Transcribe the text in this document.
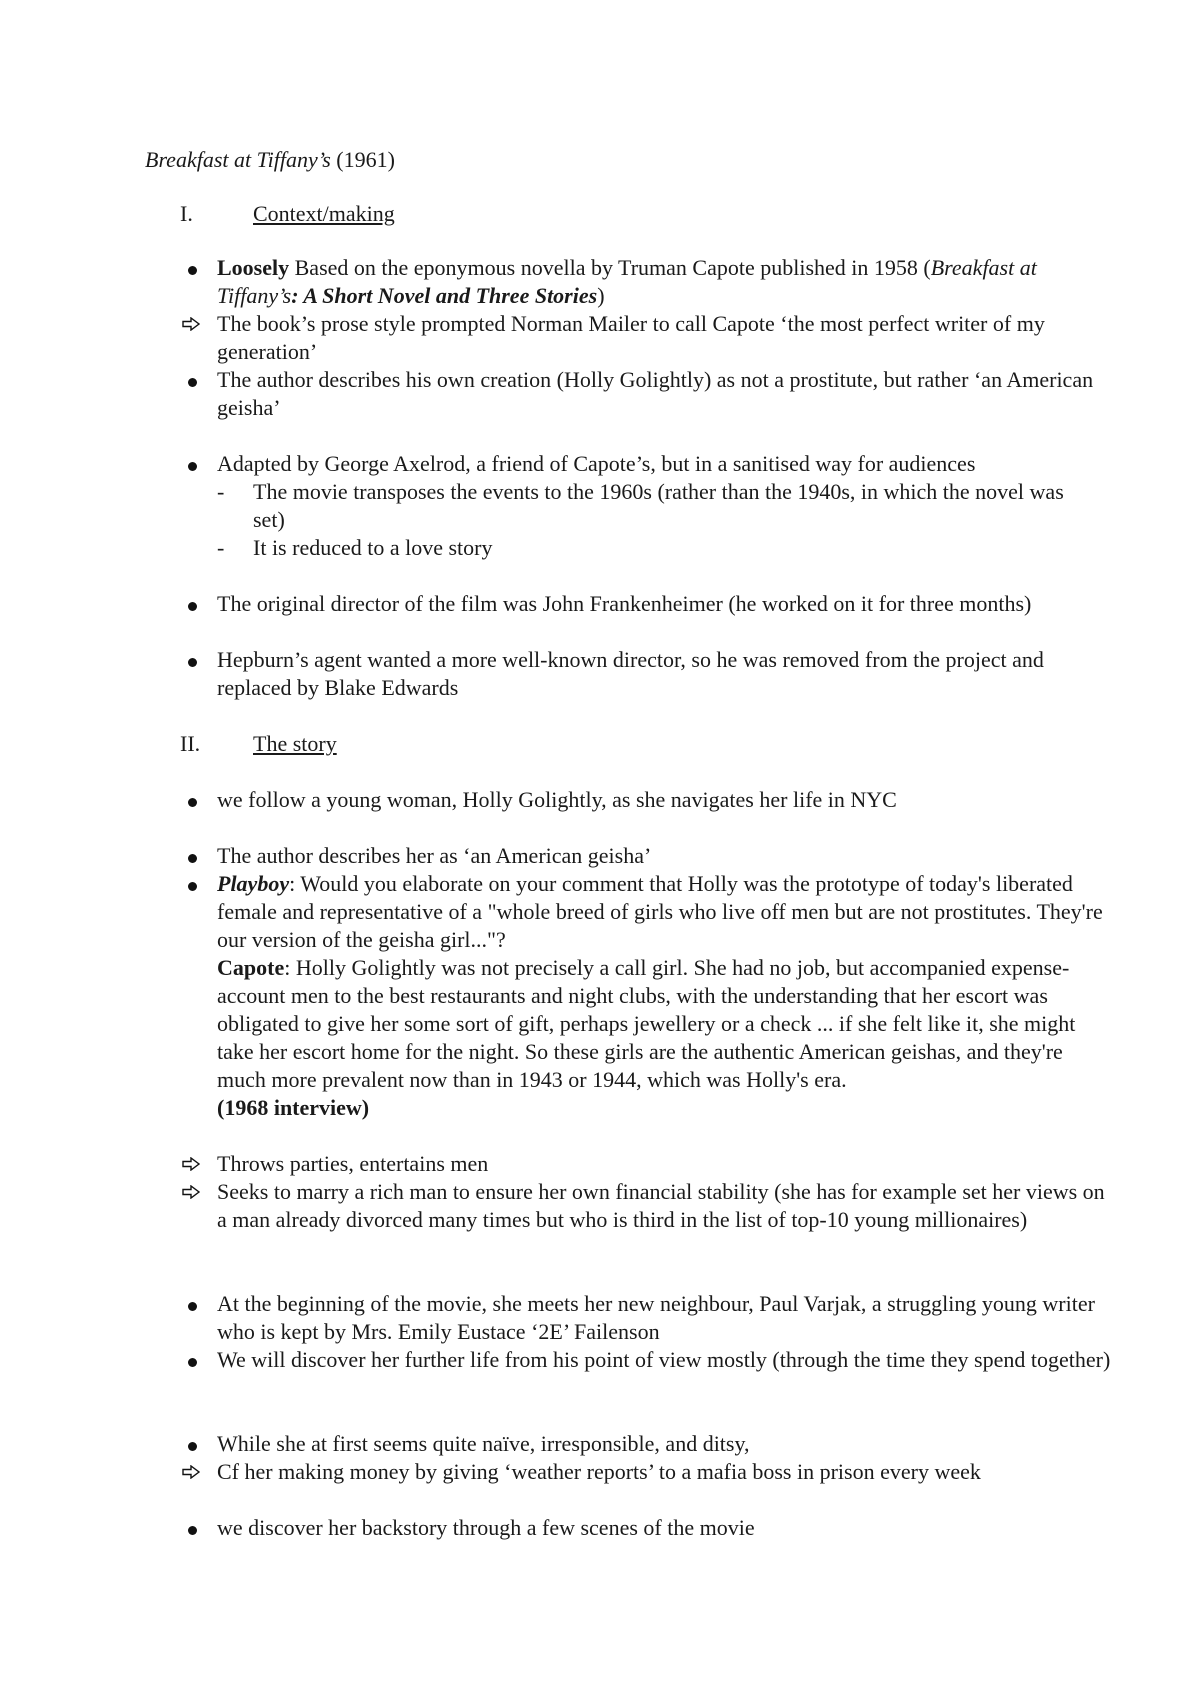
Breakfast at Tiffany’s (1961)
I.	Context/making

Loosely Based on the eponymous novella by Truman Capote published in 1958 (Breakfast at Tiffany’s: A Short Novel and Three Stories)

The book’s prose style prompted Norman Mailer to call Capote ‘the most perfect writer of my generation’

The author describes his own creation (Holly Golightly) as not a prostitute, but rather ‘an American geisha’

Adapted by George Axelrod, a friend of Capote’s, but in a sanitised way for audiences

-	The movie transposes the events to the 1960s (rather than the 1940s, in which the novel was set)

-	It is reduced to a love story

The original director of the film was John Frankenheimer (he worked on it for three months)

Hepburn’s agent wanted a more well-known director, so he was removed from the project and replaced by Blake Edwards

II. The story

we follow a young woman, Holly Golightly, as she navigates her life in NYC

The author describes her as ‘an American geisha’

Playboy: Would you elaborate on your comment that Holly was the prototype of today's liberated female and representative of a "whole breed of girls who live off men but are not prostitutes. They're our version of the geisha girl..."?
Capote: Holly Golightly was not precisely a call girl. She had no job, but accompanied expense-account men to the best restaurants and night clubs, with the understanding that her escort was obligated to give her some sort of gift, perhaps jewellery or a check ... if she felt like it, she might take her escort home for the night. So these girls are the authentic American geishas, and they're much more prevalent now than in 1943 or 1944, which was Holly's era.
(1968 interview)

Throws parties, entertains men

Seeks to marry a rich man to ensure her own financial stability (she has for example set her views on a man already divorced many times but who is third in the list of top-10 young millionaires)

At the beginning of the movie, she meets her new neighbour, Paul Varjak, a struggling young writer who is kept by Mrs. Emily Eustace ‘2E’ Failenson

We will discover her further life from his point of view mostly (through the time they spend together)

While she at first seems quite naïve, irresponsible, and ditsy,

Cf her making money by giving ‘weather reports’ to a mafia boss in prison every week

we discover her backstory through a few scenes of the movie
